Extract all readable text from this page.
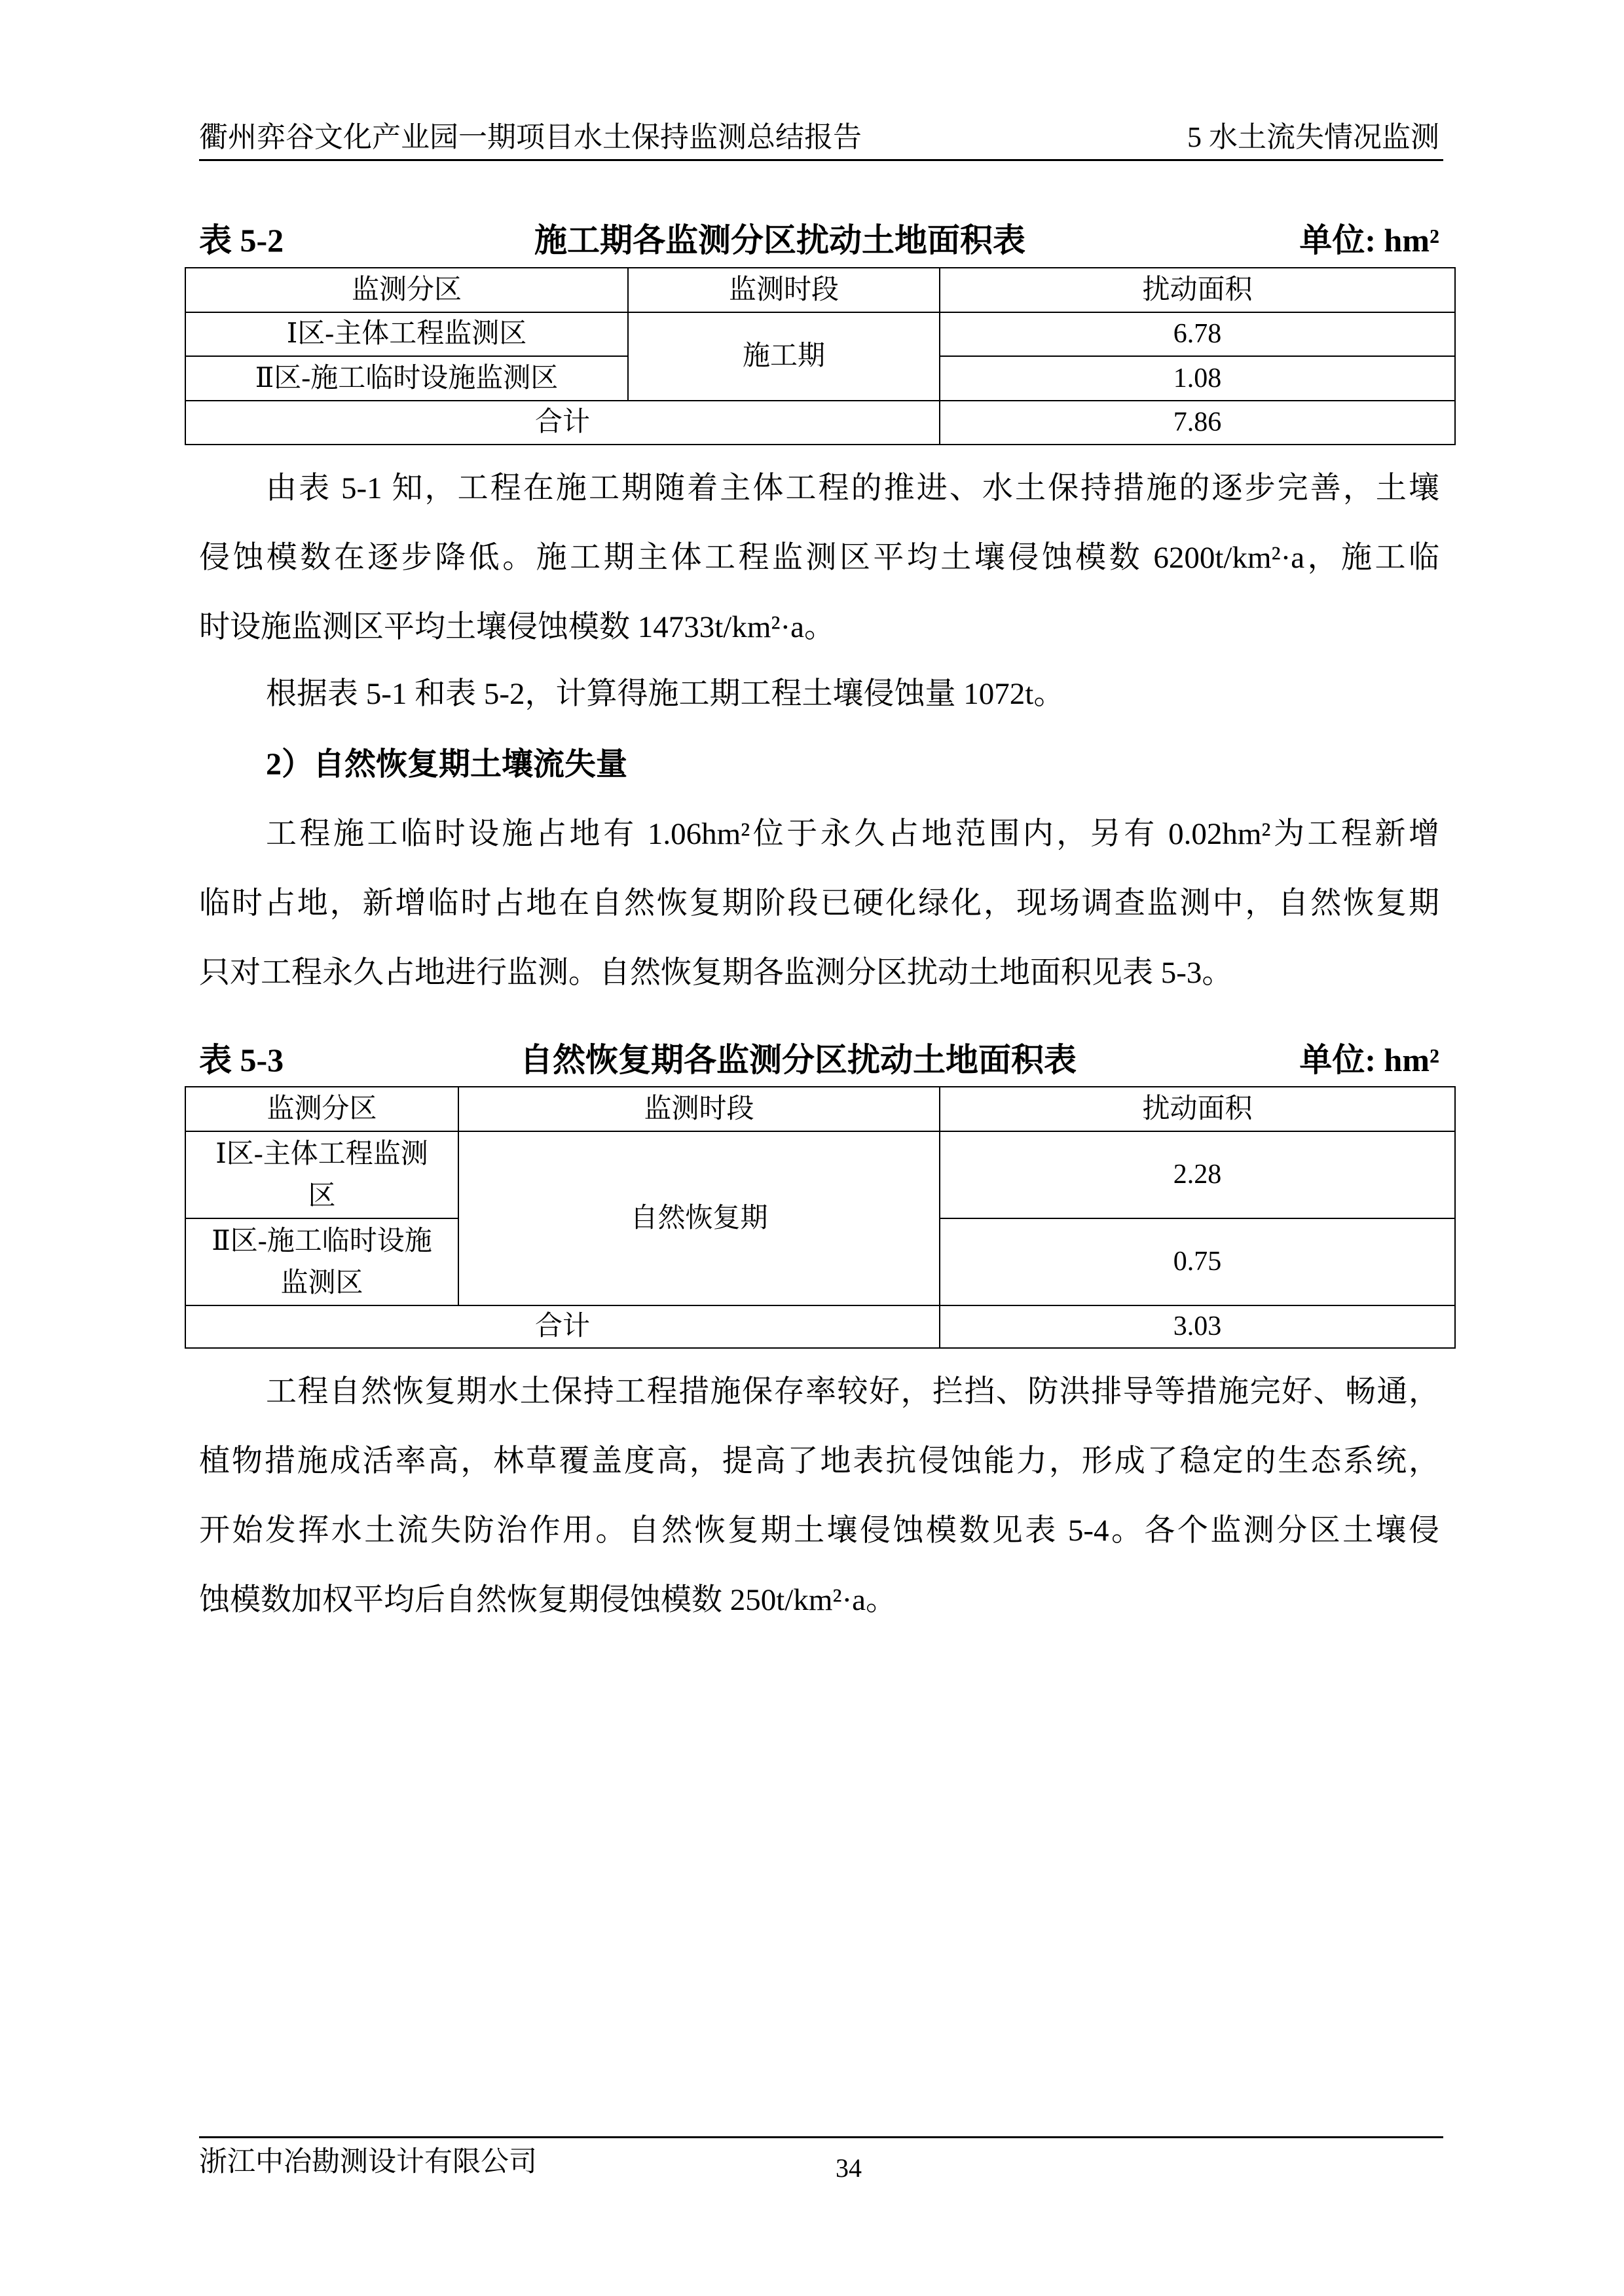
衢州弈谷文化产业园一期项目水土保持监测总结报告	5 水土流失情况监测
表 5-2	施工期各监测分区扰动土地面积表	单位: hm²
监测分区	监测时段	扰动面积
Ⅰ区-主体工程监测区	施工期	6.78
Ⅱ区-施工临时设施监测区		1.08
合计		7.86
由表 5-1 知，工程在施工期随着主体工程的推进、水土保持措施的逐步完善，土壤
侵蚀模数在逐步降低。施工期主体工程监测区平均土壤侵蚀模数 6200t/km²·a，施工临
时设施监测区平均土壤侵蚀模数 14733t/km²·a。
根据表 5-1 和表 5-2，计算得施工期工程土壤侵蚀量 1072t。
2）自然恢复期土壤流失量
工程施工临时设施占地有 1.06hm²位于永久占地范围内，另有 0.02hm²为工程新增
临时占地，新增临时占地在自然恢复期阶段已硬化绿化，现场调查监测中，自然恢复期
只对工程永久占地进行监测。自然恢复期各监测分区扰动土地面积见表 5-3。
表 5-3	自然恢复期各监测分区扰动土地面积表	单位: hm²
监测分区	监测时段	扰动面积

Ⅰ区-主体工程监测
区	自然恢复期	2.28

Ⅱ区-施工临时设施
监测区		0.75
合计		3.03
工程自然恢复期水土保持工程措施保存率较好，拦挡、防洪排导等措施完好、畅通，
植物措施成活率高，林草覆盖度高，提高了地表抗侵蚀能力，形成了稳定的生态系统，
开始发挥水土流失防治作用。自然恢复期土壤侵蚀模数见表 5-4。各个监测分区土壤侵
蚀模数加权平均后自然恢复期侵蚀模数 250t/km²·a。
浙江中冶勘测设计有限公司	34
